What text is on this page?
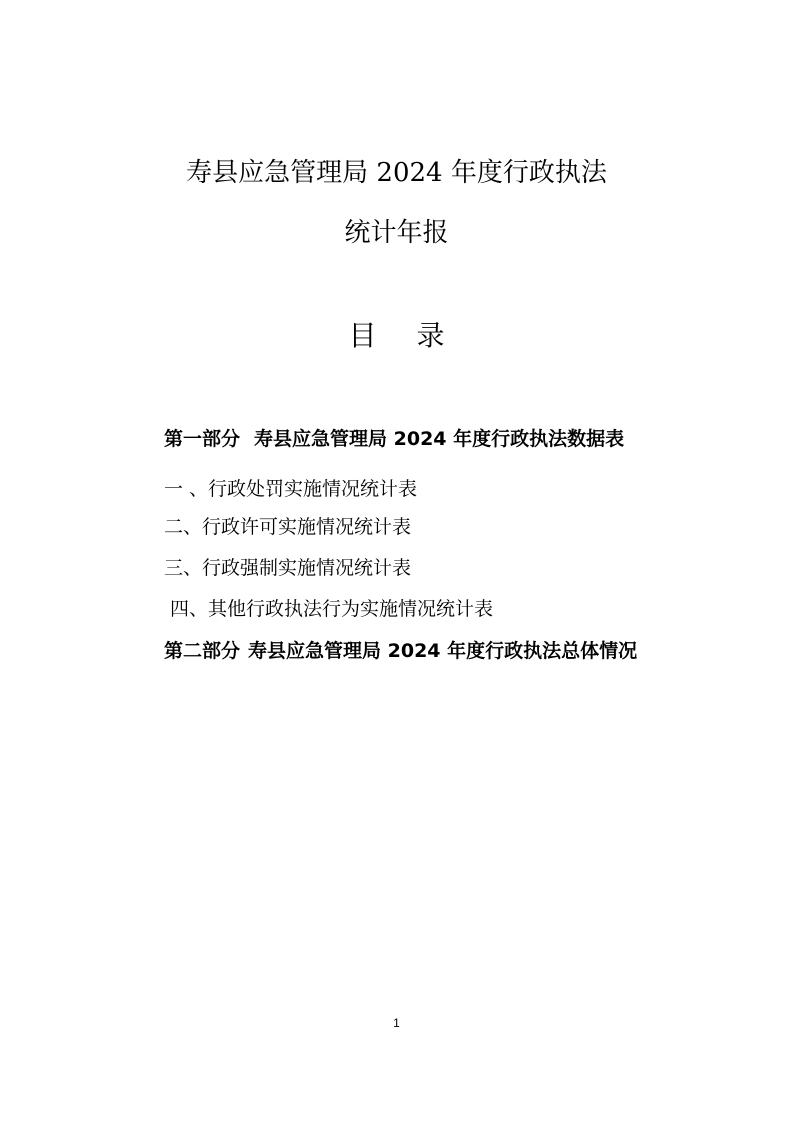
寿县应急管理局 2024 年度行政执法
统计年报
目 录
第一部分 寿县应急管理局 2024 年度行政执法数据表
一 、行政处罚实施情况统计表
二、行政许可实施情况统计表
三、行政强制实施情况统计表
四、其他行政执法行为实施情况统计表
第二部分 寿县应急管理局 2024 年度行政执法总体情况
1
